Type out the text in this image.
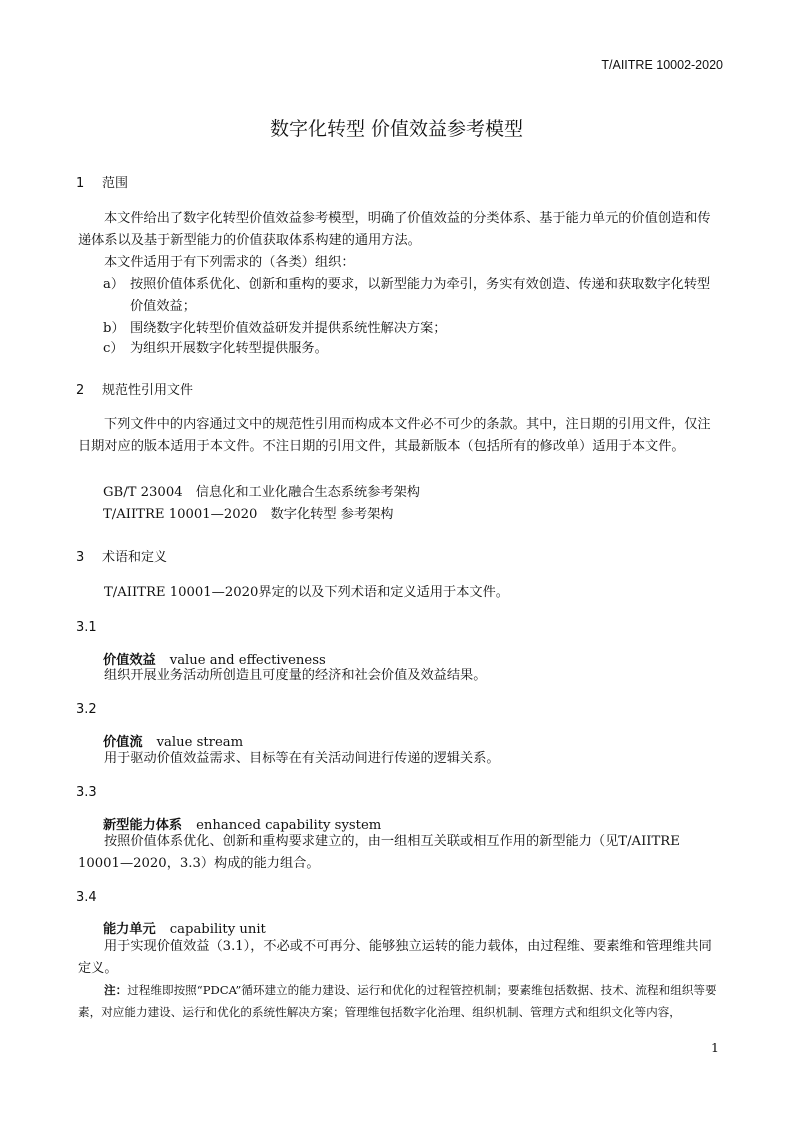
T/AIITRE 10002-2020
数字化转型 价值效益参考模型
1 范围
本文件给出了数字化转型价值效益参考模型，明确了价值效益的分类体系、基于能力单元的价值创造和传递体系以及基于新型能力的价值获取体系构建的通用方法。
本文件适用于有下列需求的（各类）组织：
a） 按照价值体系优化、创新和重构的要求，以新型能力为牵引，务实有效创造、传递和获取数字化转型价值效益；
b） 围绕数字化转型价值效益研发并提供系统性解决方案；
c） 为组织开展数字化转型提供服务。
2 规范性引用文件
下列文件中的内容通过文中的规范性引用而构成本文件必不可少的条款。其中，注日期的引用文件，仅注日期对应的版本适用于本文件。不注日期的引用文件，其最新版本（包括所有的修改单）适用于本文件。
GB/T 23004　信息化和工业化融合生态系统参考架构
T/AIITRE 10001—2020　数字化转型 参考架构
3 术语和定义
T/AIITRE 10001—2020界定的以及下列术语和定义适用于本文件。
3.1
价值效益 value and effectiveness
组织开展业务活动所创造且可度量的经济和社会价值及效益结果。
3.2
价值流 value stream
用于驱动价值效益需求、目标等在有关活动间进行传递的逻辑关系。
3.3
新型能力体系 enhanced capability system
按照价值体系优化、创新和重构要求建立的，由一组相互关联或相互作用的新型能力（见T/AIITRE 10001—2020，3.3）构成的能力组合。
3.4
能力单元 capability unit
用于实现价值效益（3.1），不必或不可再分、能够独立运转的能力载体，由过程维、要素维和管理维共同定义。
注：过程维即按照“PDCA”循环建立的能力建设、运行和优化的过程管控机制；要素维包括数据、技术、流程和组织等要素，对应能力建设、运行和优化的系统性解决方案；管理维包括数字化治理、组织机制、管理方式和组织文化等内容，
1
